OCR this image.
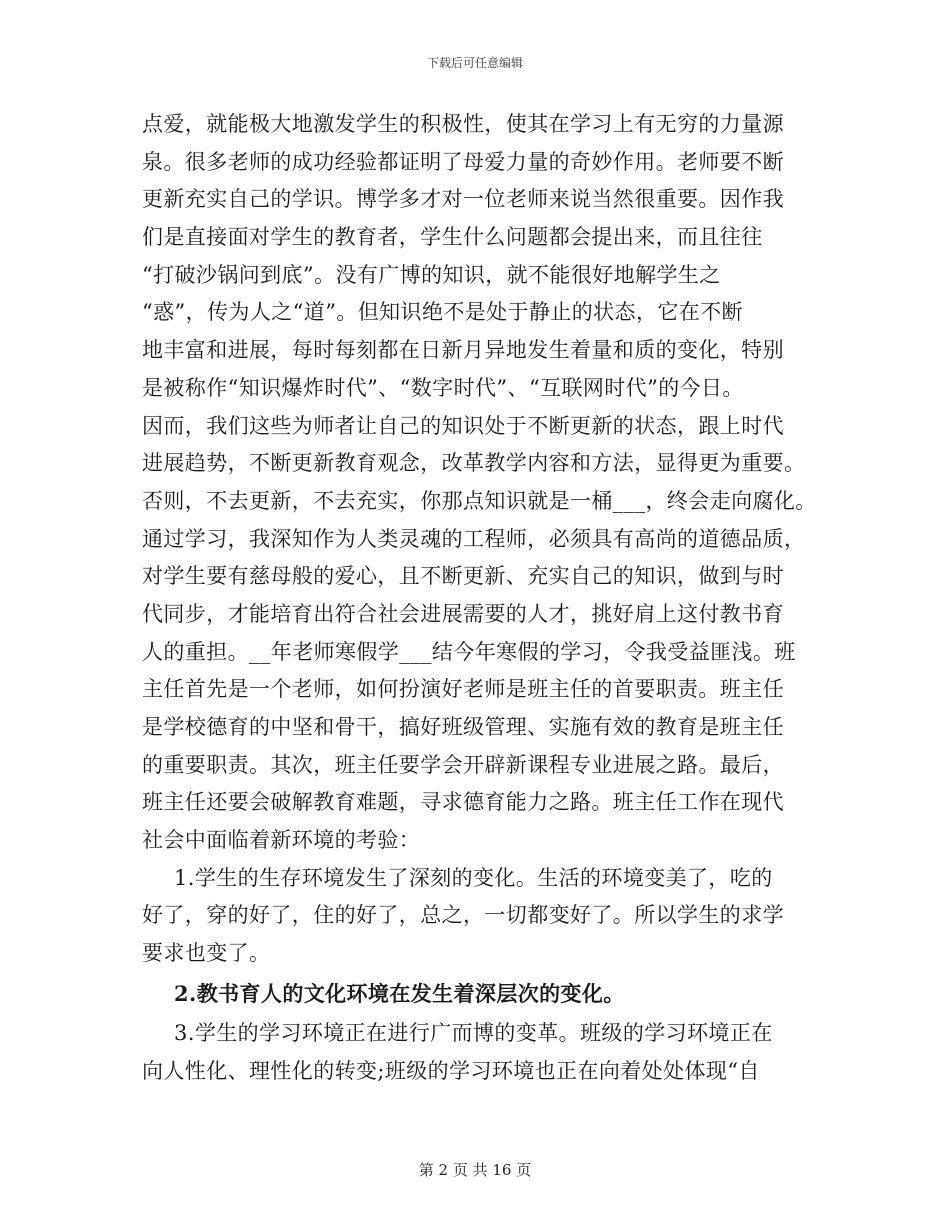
下载后可任意编辑
点爱，就能极大地激发学生的积极性，使其在学习上有无穷的力量源
泉。很多老师的成功经验都证明了母爱力量的奇妙作用。老师要不断
更新充实自己的学识。博学多才对一位老师来说当然很重要。因作我
们是直接面对学生的教育者，学生什么问题都会提出来，而且往往
“打破沙锅问到底”。没有广博的知识，就不能很好地解学生之
“惑”，传为人之“道”。但知识绝不是处于静止的状态，它在不断
地丰富和进展，每时每刻都在日新月异地发生着量和质的变化，特别
是被称作“知识爆炸时代”、“数字时代”、“互联网时代”的今日。
因而，我们这些为师者让自己的知识处于不断更新的状态，跟上时代
进展趋势，不断更新教育观念，改革教学内容和方法，显得更为重要。
否则，不去更新，不去充实，你那点知识就是一桶___，终会走向腐化。
通过学习，我深知作为人类灵魂的工程师，必须具有高尚的道德品质，
对学生要有慈母般的爱心，且不断更新、充实自己的知识，做到与时
代同步，才能培育出符合社会进展需要的人才，挑好肩上这付教书育
人的重担。__年老师寒假学___结今年寒假的学习，令我受益匪浅。班
主任首先是一个老师，如何扮演好老师是班主任的首要职责。班主任
是学校德育的中坚和骨干，搞好班级管理、实施有效的教育是班主任
的重要职责。其次，班主任要学会开辟新课程专业进展之路。最后，
班主任还要会破解教育难题，寻求德育能力之路。班主任工作在现代
社会中面临着新环境的考验：
1.学生的生存环境发生了深刻的变化。生活的环境变美了，吃的
好了，穿的好了，住的好了，总之，一切都变好了。所以学生的求学
要求也变了。
2.教书育人的文化环境在发生着深层次的变化。
3.学生的学习环境正在进行广而博的变革。班级的学习环境正在
向人性化、理性化的转变;班级的学习环境也正在向着处处体现“自
第 2 页 共 16 页
